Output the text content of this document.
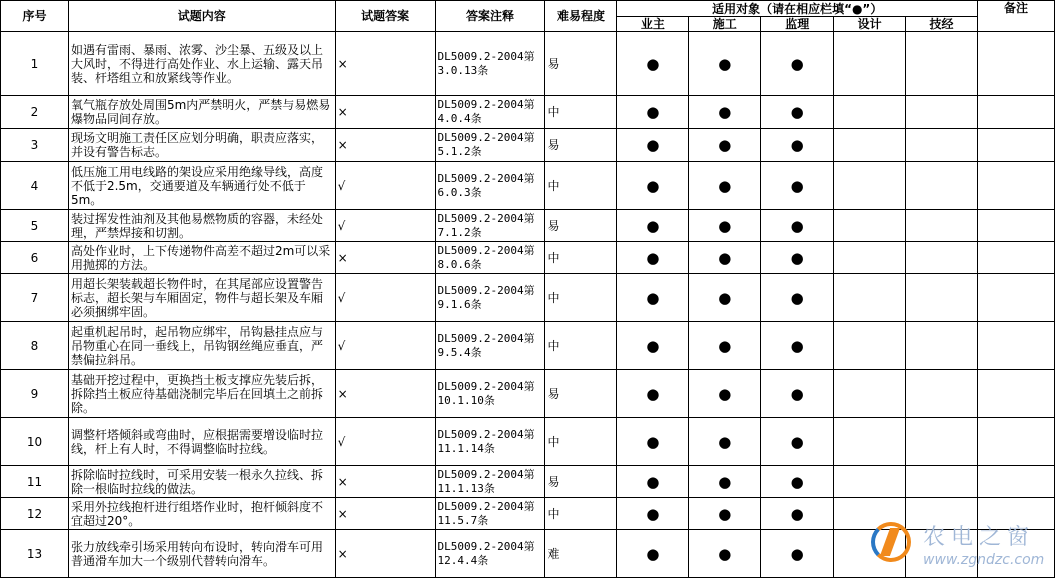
序号	试题内容	试题答案	答案注释	难易程度	适用对象（请在相应栏填“●”）					备注
					业主	施工	监理	设计	技经	
1	如遇有雷雨、暴雨、浓雾、沙尘暴、五级及以上大风时，不得进行高处作业、水上运输、露天吊装、杆塔组立和放紧线等作业。	×	DL5009.2-2004第3.0.13条	易	●	●	●			
2	氧气瓶存放处周围5m内严禁明火，严禁与易燃易爆物品同间存放。	×	DL5009.2-2004第4.0.4条	中	●	●	●			
3	现场文明施工责任区应划分明确，职责应落实，并设有警告标志。	×	DL5009.2-2004第5.1.2条	易	●	●	●			
4	低压施工用电线路的架设应采用绝缘导线，高度不低于2.5m，交通要道及车辆通行处不低于5m。	√	DL5009.2-2004第6.0.3条	中	●	●	●			
5	装过挥发性油剂及其他易燃物质的容器，未经处理，严禁焊接和切割。	√	DL5009.2-2004第7.1.2条	易	●	●	●			
6	高处作业时，上下传递物件高差不超过2m可以采用抛掷的方法。	×	DL5009.2-2004第8.0.6条	中	●	●	●			
7	用超长架装载超长物件时，在其尾部应设置警告标志，超长架与车厢固定，物件与超长架及车厢必须捆绑牢固。	√	DL5009.2-2004第9.1.6条	中	●	●	●			
8	起重机起吊时，起吊物应绑牢，吊钩悬挂点应与吊物重心在同一垂线上，吊钩钢丝绳应垂直，严禁偏拉斜吊。	√	DL5009.2-2004第9.5.4条	中	●	●	●			
9	基础开挖过程中，更换挡土板支撑应先装后拆，拆除挡土板应待基础浇制完毕后在回填土之前拆除。	×	DL5009.2-2004第10.1.10条	易	●	●	●			
10	调整杆塔倾斜或弯曲时，应根据需要增设临时拉线，杆上有人时，不得调整临时拉线。	√	DL5009.2-2004第11.1.14条	中	●	●	●			
11	拆除临时拉线时，可采用安装一根永久拉线、拆除一根临时拉线的做法。	×	DL5009.2-2004第11.1.13条	易	●	●	●			
12	采用外拉线抱杆进行组塔作业时，抱杆倾斜度不宜超过20°。	×	DL5009.2-2004第11.5.7条	中	●	●	●			
13	张力放线牵引场采用转向布设时，转向滑车可用普通滑车加大一个级别代替转向滑车。	×	DL5009.2-2004第12.4.4条	难	●	●	●			
农电之窗
www.zgndzc.com
